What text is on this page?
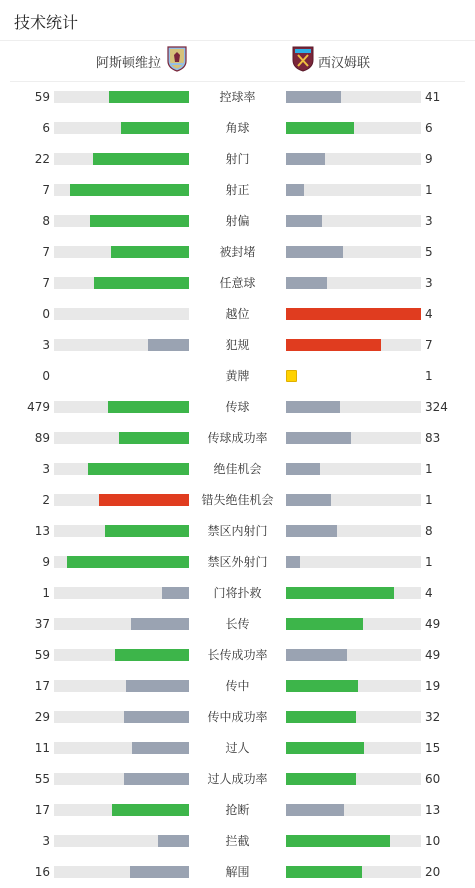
技术统计
阿斯顿维拉	西汉姆联
59	控球率	41
6	角球	6
22	射门	9
7	射正	1
8	射偏	3
7	被封堵	5
7	任意球	3
0	越位	4
3	犯规	7
0	黄牌	1
479	传球	324
89	传球成功率	83
3	绝佳机会	1
2	错失绝佳机会	1
13	禁区内射门	8
9	禁区外射门	1
1	门将扑救	4
37	长传	49
59	长传成功率	49
17	传中	19
29	传中成功率	32
11	过人	15
55	过人成功率	60
17	抢断	13
3	拦截	10
16	解围	20
